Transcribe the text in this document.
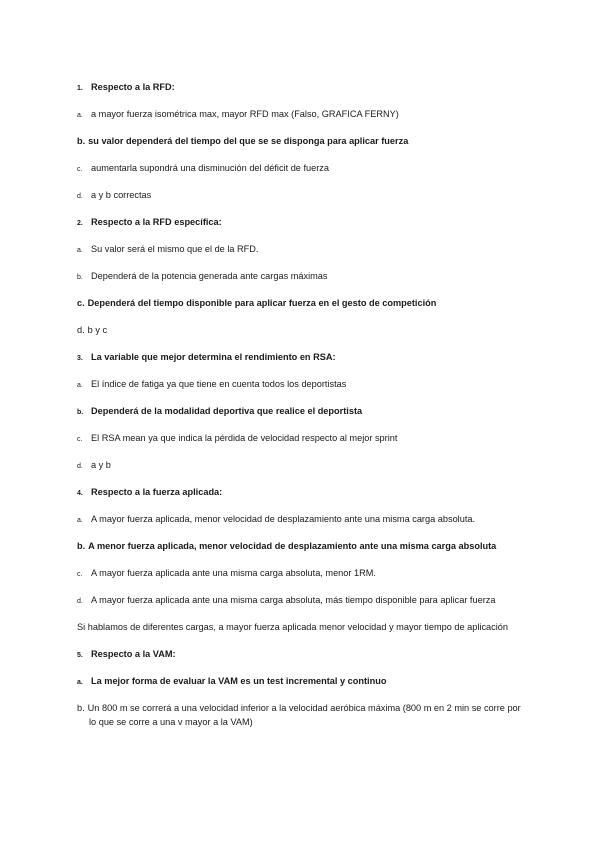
1. Respecto a la RFD:
a. a mayor fuerza isométrica max, mayor RFD max (Falso, GRAFICA FERNY)
b. su valor dependerá del tiempo del que se se disponga para aplicar fuerza
c. aumentarla supondrá una disminución del déficit de fuerza
d. a y b correctas
2. Respecto a la RFD específica:
a. Su valor será el mismo que el de la RFD.
b. Dependerá de la potencia generada ante cargas máximas
c. Dependerá del tiempo disponible para aplicar fuerza en el gesto de competición
d. b y c
3. La variable que mejor determina el rendimiento en RSA:
a. El índice de fatiga ya que tiene en cuenta todos los deportistas
b. Dependerá de la modalidad deportiva que realice el deportista
c. El RSA mean ya que indica la pérdida de velocidad respecto al mejor sprint
d. a y b
4. Respecto a la fuerza aplicada:
a. A mayor fuerza aplicada, menor velocidad de desplazamiento ante una misma carga absoluta.
b. A menor fuerza aplicada, menor velocidad de desplazamiento ante una misma carga absoluta
c. A mayor fuerza aplicada ante una misma carga absoluta, menor 1RM.
d. A mayor fuerza aplicada ante una misma carga absoluta, más tiempo disponible para aplicar fuerza
Si hablamos de diferentes cargas, a mayor fuerza aplicada menor velocidad y mayor tiempo de aplicación
5. Respecto a la VAM:
a. La mejor forma de evaluar la VAM es un test incremental y continuo
b. Un 800 m se correrá a una velocidad inferior a la velocidad aeróbica máxima (800 m en 2 min se corre por
lo que se corre a una v mayor a la VAM)
